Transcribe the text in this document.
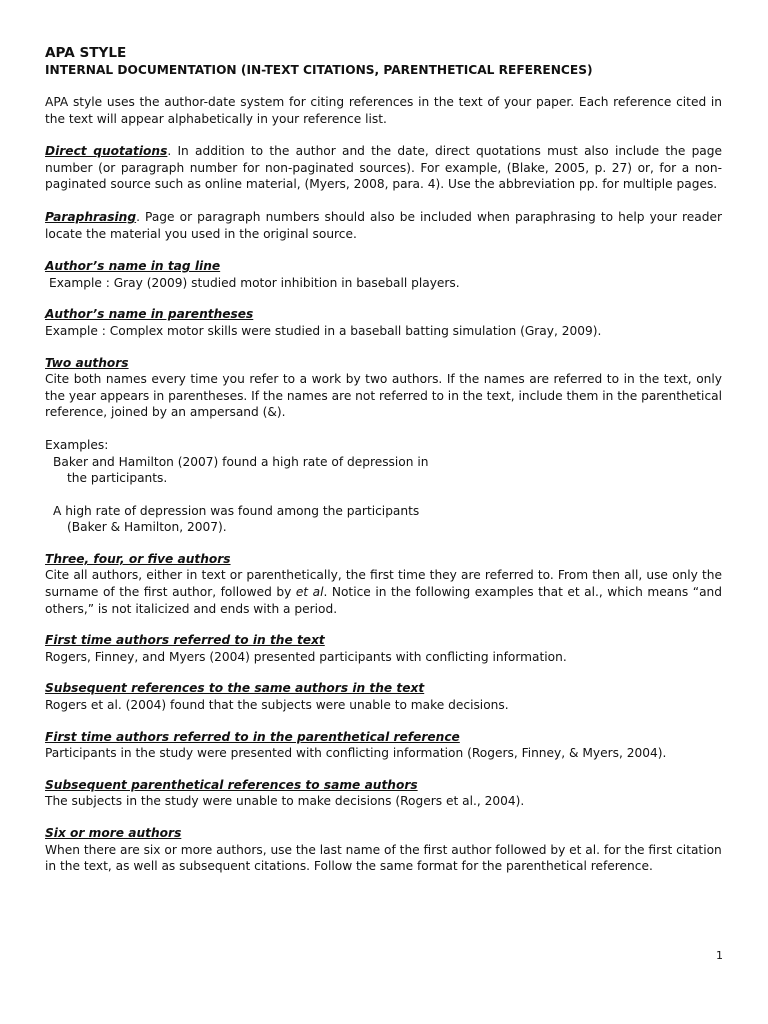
APA STYLE
INTERNAL DOCUMENTATION (IN-TEXT CITATIONS, PARENTHETICAL REFERENCES)

APA style uses the author-date system for citing references in the text of your paper. Each reference cited in the text will appear alphabetically in your reference list.

Direct quotations. In addition to the author and the date, direct quotations must also include the page number (or paragraph number for non-paginated sources). For example, (Blake, 2005, p. 27) or, for a non-paginated source such as online material, (Myers, 2008, para. 4). Use the abbreviation pp. for multiple pages.

Paraphrasing. Page or paragraph numbers should also be included when paraphrasing to help your reader locate the material you used in the original source.

Author’s name in tag line

Example : Gray (2009) studied motor inhibition in baseball players.

Author’s name in parentheses

Example : Complex motor skills were studied in a baseball batting simulation (Gray, 2009).

Two authors

Cite both names every time you refer to a work by two authors. If the names are referred to in the text, only the year appears in parentheses. If the names are not referred to in the text, include them in the parenthetical reference, joined by an ampersand (&).

Examples:

Baker and Hamilton (2007) found a high rate of depression in

the participants.

A high rate of depression was found among the participants

(Baker & Hamilton, 2007).

Three, four, or five authors

Cite all authors, either in text or parenthetically, the first time they are referred to. From then all, use only the surname of the first author, followed by et al. Notice in the following examples that et al., which means “and others,” is not italicized and ends with a period.

First time authors referred to in the text

Rogers, Finney, and Myers (2004) presented participants with conflicting information.

Subsequent references to the same authors in the text

Rogers et al. (2004) found that the subjects were unable to make decisions.

First time authors referred to in the parenthetical reference

Participants in the study were presented with conflicting information (Rogers, Finney, & Myers, 2004).

Subsequent parenthetical references to same authors

The subjects in the study were unable to make decisions (Rogers et al., 2004).

Six or more authors

When there are six or more authors, use the last name of the first author followed by et al. for the first citation in the text, as well as subsequent citations. Follow the same format for the parenthetical reference.

1
